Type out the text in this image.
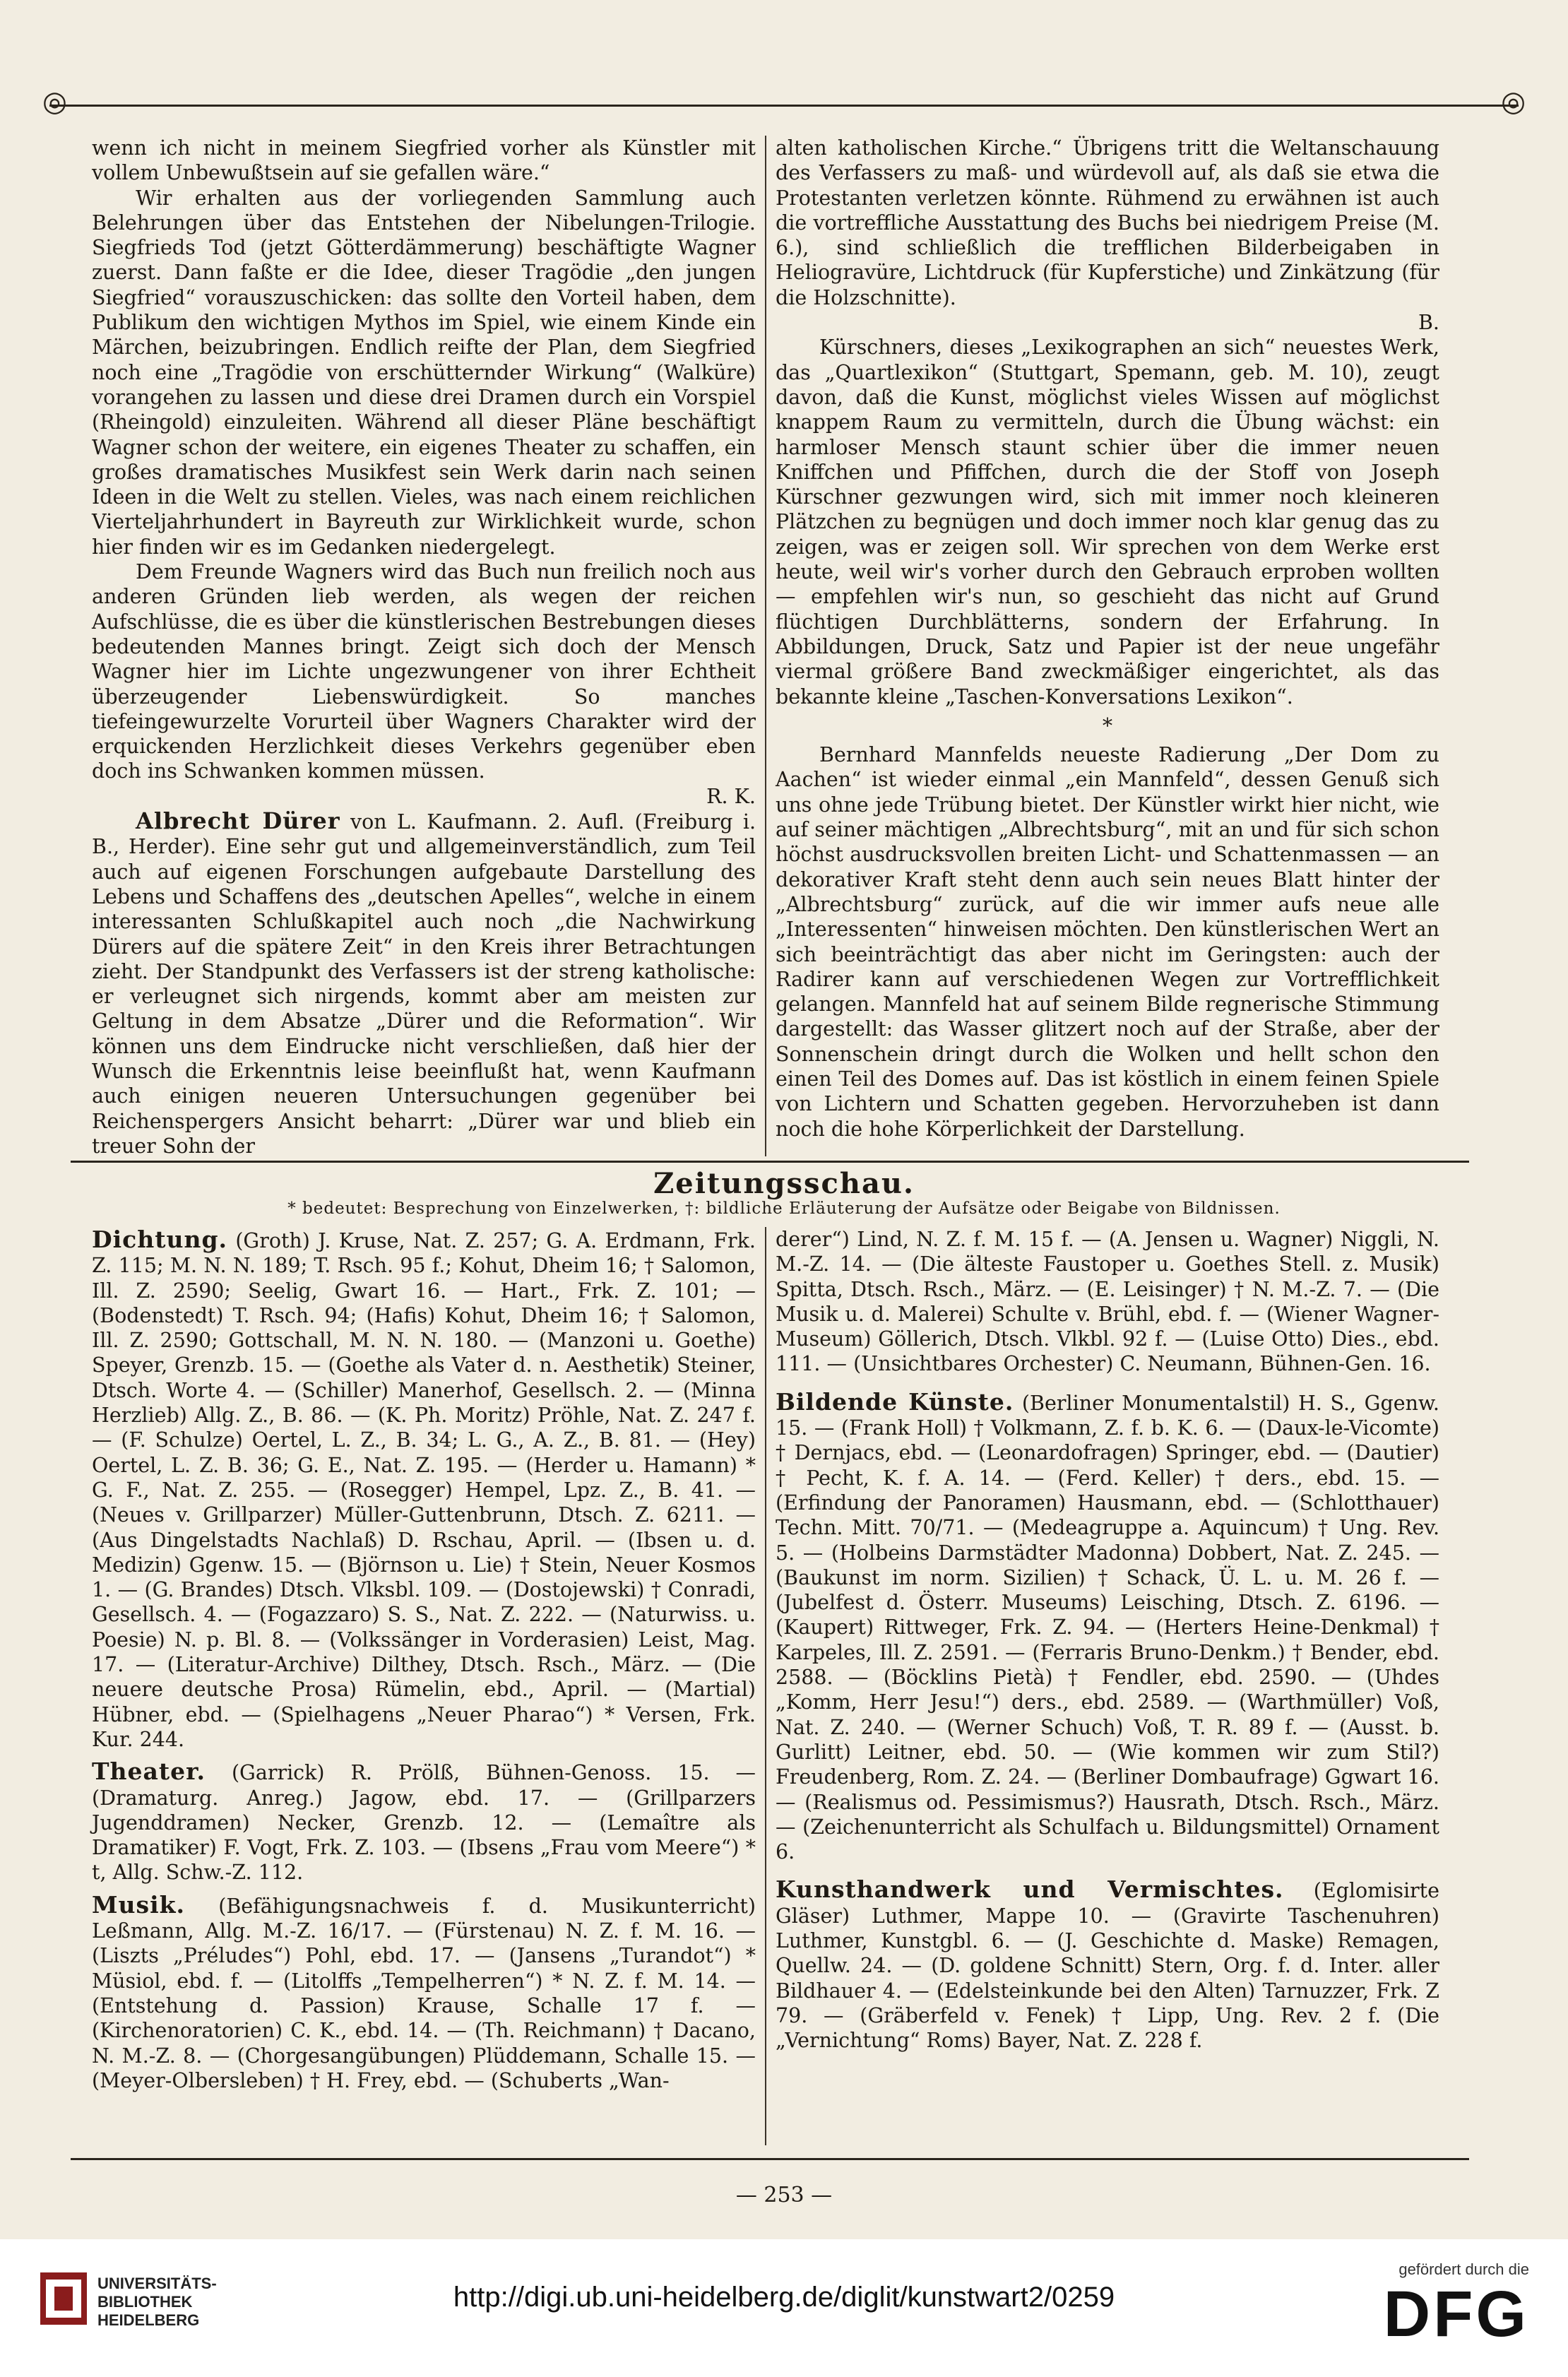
◎	◎

wenn ich nicht in meinem Siegfried vorher als Künstler mit vollem Unbewußtsein auf sie gefallen wäre.“

Wir erhalten aus der vorliegenden Sammlung auch Belehrungen über das Entstehen der Nibelungen-Trilogie. Siegfrieds Tod (jetzt Götterdämmerung) beschäftigte Wagner zuerst. Dann faßte er die Idee, dieser Tragödie „den jungen Siegfried“ vorauszuschicken: das sollte den Vorteil haben, dem Publikum den wichtigen Mythos im Spiel, wie einem Kinde ein Märchen, beizubringen. Endlich reifte der Plan, dem Siegfried noch eine „Tragödie von erschütternder Wirkung“ (Walküre) vorangehen zu lassen und diese drei Dramen durch ein Vorspiel (Rheingold) einzuleiten. Während all dieser Pläne beschäftigt Wagner schon der weitere, ein eigenes Theater zu schaffen, ein großes dramatisches Musikfest sein Werk darin nach seinen Ideen in die Welt zu stellen. Vieles, was nach einem reichlichen Vierteljahrhundert in Bayreuth zur Wirklichkeit wurde, schon hier finden wir es im Gedanken niedergelegt.

Dem Freunde Wagners wird das Buch nun freilich noch aus anderen Gründen lieb werden, als wegen der reichen Aufschlüsse, die es über die künstlerischen Bestrebungen dieses bedeutenden Mannes bringt. Zeigt sich doch der Mensch Wagner hier im Lichte ungezwungener von ihrer Echtheit überzeugender Liebenswürdigkeit. So manches tiefeingewurzelte Vorurteil über Wagners Charakter wird der erquickenden Herzlichkeit dieses Verkehrs gegenüber eben doch ins Schwanken kommen müssen.

R. K.

Albrecht Dürer von L. Kaufmann. 2. Aufl. (Freiburg i. B., Herder). Eine sehr gut und allgemeinverständlich, zum Teil auch auf eigenen Forschungen aufgebaute Darstellung des Lebens und Schaffens des „deutschen Apelles“, welche in einem interessanten Schlußkapitel auch noch „die Nachwirkung Dürers auf die spätere Zeit“ in den Kreis ihrer Betrachtungen zieht. Der Standpunkt des Verfassers ist der streng katholische: er verleugnet sich nirgends, kommt aber am meisten zur Geltung in dem Absatze „Dürer und die Reformation“. Wir können uns dem Eindrucke nicht verschließen, daß hier der Wunsch die Erkenntnis leise beeinflußt hat, wenn Kaufmann auch einigen neueren Untersuchungen gegenüber bei Reichenspergers Ansicht beharrt: „Dürer war und blieb ein treuer Sohn der

alten katholischen Kirche.“ Übrigens tritt die Weltanschauung des Verfassers zu maß- und würdevoll auf, als daß sie etwa die Protestanten verletzen könnte. Rühmend zu erwähnen ist auch die vortreffliche Ausstattung des Buchs bei niedrigem Preise (M. 6.), sind schließlich die trefflichen Bilderbeigaben in Heliogravüre, Lichtdruck (für Kupferstiche) und Zinkätzung (für die Holzschnitte).

B.

Kürschners, dieses „Lexikographen an sich“ neuestes Werk, das „Quartlexikon“ (Stuttgart, Spemann, geb. M. 10), zeugt davon, daß die Kunst, möglichst vieles Wissen auf möglichst knappem Raum zu vermitteln, durch die Übung wächst: ein harmloser Mensch staunt schier über die immer neuen Kniffchen und Pfiffchen, durch die der Stoff von Joseph Kürschner gezwungen wird, sich mit immer noch kleineren Plätzchen zu begnügen und doch immer noch klar genug das zu zeigen, was er zeigen soll. Wir sprechen von dem Werke erst heute, weil wir's vorher durch den Gebrauch erproben wollten — empfehlen wir's nun, so geschieht das nicht auf Grund flüchtigen Durchblätterns, sondern der Erfahrung. In Abbildungen, Druck, Satz und Papier ist der neue ungefähr viermal größere Band zweckmäßiger eingerichtet, als das bekannte kleine „Taschen-Konversations Lexikon“.

*

Bernhard Mannfelds neueste Radierung „Der Dom zu Aachen“ ist wieder einmal „ein Mannfeld“, dessen Genuß sich uns ohne jede Trübung bietet. Der Künstler wirkt hier nicht, wie auf seiner mächtigen „Albrechtsburg“, mit an und für sich schon höchst ausdrucksvollen breiten Licht- und Schattenmassen — an dekorativer Kraft steht denn auch sein neues Blatt hinter der „Albrechtsburg“ zurück, auf die wir immer aufs neue alle „Interessenten“ hinweisen möchten. Den künstlerischen Wert an sich beeinträchtigt das aber nicht im Geringsten: auch der Radirer kann auf verschiedenen Wegen zur Vortrefflichkeit gelangen. Mannfeld hat auf seinem Bilde regnerische Stimmung dargestellt: das Wasser glitzert noch auf der Straße, aber der Sonnenschein dringt durch die Wolken und hellt schon den einen Teil des Domes auf. Das ist köstlich in einem feinen Spiele von Lichtern und Schatten gegeben. Hervorzuheben ist dann noch die hohe Körperlichkeit der Darstellung.

Zeitungsschau.
* bedeutet: Besprechung von Einzelwerken, †: bildliche Erläuterung der Aufsätze oder Beigabe von Bildnissen.

Dichtung. (Groth) J. Kruse, Nat. Z. 257; G. A. Erdmann, Frk. Z. 115; M. N. N. 189; T. Rsch. 95 f.; Kohut, Dheim 16; † Salomon, Ill. Z. 2590; Seelig, Gwart 16. — Hart., Frk. Z. 101; —(Bodenstedt) T. Rsch. 94; (Hafis) Kohut, Dheim 16; † Salomon, Ill. Z. 2590; Gottschall, M. N. N. 180. — (Manzoni u. Goethe) Speyer, Grenzb. 15. — (Goethe als Vater d. n. Aesthetik) Steiner, Dtsch. Worte 4. — (Schiller) Manerhof, Gesellsch. 2. — (Minna Herzlieb) Allg. Z., B. 86. — (K. Ph. Moritz) Pröhle, Nat. Z. 247 f. — (F. Schulze) Oertel, L. Z., B. 34; L. G., A. Z., B. 81. — (Hey) Oertel, L. Z. B. 36; G. E., Nat. Z. 195. — (Herder u. Hamann) * G. F., Nat. Z. 255. — (Rosegger) Hempel, Lpz. Z., B. 41. — (Neues v. Grillparzer) Müller-Guttenbrunn, Dtsch. Z. 6211. — (Aus Dingelstadts Nachlaß) D. Rschau, April. — (Ibsen u. d. Medizin) Ggenw. 15. — (Björnson u. Lie) † Stein, Neuer Kosmos 1. — (G. Brandes) Dtsch. Vlksbl. 109. — (Dostojewski) † Conradi, Gesellsch. 4. — (Fogazzaro) S. S., Nat. Z. 222. — (Naturwiss. u. Poesie) N. p. Bl. 8. — (Volkssänger in Vorderasien) Leist, Mag. 17. — (Literatur-Archive) Dilthey, Dtsch. Rsch., März. — (Die neuere deutsche Prosa) Rümelin, ebd., April. — (Martial) Hübner, ebd. — (Spielhagens „Neuer Pharao“) * Versen, Frk. Kur. 244.

Theater. (Garrick) R. Prölß, Bühnen-Genoss. 15. — (Dramaturg. Anreg.) Jagow, ebd. 17. — (Grillparzers Jugenddramen) Necker, Grenzb. 12. — (Lemaître als Dramatiker) F. Vogt, Frk. Z. 103. — (Ibsens „Frau vom Meere“) * t, Allg. Schw.-Z. 112.

Musik. (Befähigungsnachweis f. d. Musikunterricht) Leßmann, Allg. M.-Z. 16/17. — (Fürstenau) N. Z. f. M. 16. — (Liszts „Préludes“) Pohl, ebd. 17. — (Jansens „Turandot“) * Müsiol, ebd. f. — (Litolffs „Tempelherren“) * N. Z. f. M. 14. — (Entstehung d. Passion) Krause, Schalle 17 f. — (Kirchenoratorien) C. K., ebd. 14. — (Th. Reichmann) † Dacano, N. M.-Z. 8. — (Chorgesangübungen) Plüddemann, Schalle 15. — (Meyer-Olbersleben) † H. Frey, ebd. — (Schuberts „Wan-

derer“) Lind, N. Z. f. M. 15 f. — (A. Jensen u. Wagner) Niggli, N. M.-Z. 14. — (Die älteste Faustoper u. Goethes Stell. z. Musik) Spitta, Dtsch. Rsch., März. — (E. Leisinger) † N. M.-Z. 7. — (Die Musik u. d. Malerei) Schulte v. Brühl, ebd. f. — (Wiener Wagner-Museum) Göllerich, Dtsch. Vlkbl. 92 f. — (Luise Otto) Dies., ebd. 111. — (Unsichtbares Orchester) C. Neumann, Bühnen-Gen. 16.

Bildende Künste. (Berliner Monumentalstil) H. S., Ggenw. 15. — (Frank Holl) † Volkmann, Z. f. b. K. 6. — (Daux-le-Vicomte) † Dernjacs, ebd. — (Leonardofragen) Springer, ebd. — (Dautier) † Pecht, K. f. A. 14. — (Ferd. Keller) † ders., ebd. 15. — (Erfindung der Panoramen) Hausmann, ebd. — (Schlotthauer) Techn. Mitt. 70/71. — (Medeagruppe a. Aquincum) † Ung. Rev. 5. — (Holbeins Darmstädter Madonna) Dobbert, Nat. Z. 245. — (Baukunst im norm. Sizilien) † Schack, Ü. L. u. M. 26 f. — (Jubelfest d. Österr. Museums) Leisching, Dtsch. Z. 6196. — (Kaupert) Rittweger, Frk. Z. 94. — (Herters Heine-Denkmal) † Karpeles, Ill. Z. 2591. — (Ferraris Bruno-Denkm.) † Bender, ebd. 2588. — (Böcklins Pietà) † Fendler, ebd. 2590. — (Uhdes „Komm, Herr Jesu!“) ders., ebd. 2589. — (Warthmüller) Voß, Nat. Z. 240. — (Werner Schuch) Voß, T. R. 89 f. — (Ausst. b. Gurlitt) Leitner, ebd. 50. — (Wie kommen wir zum Stil?) Freudenberg, Rom. Z. 24. — (Berliner Dombaufrage) Ggwart 16. — (Realismus od. Pessimismus?) Hausrath, Dtsch. Rsch., März. — (Zeichenunterricht als Schulfach u. Bildungsmittel) Ornament 6.

Kunsthandwerk und Vermischtes. (Eglomisirte Gläser) Luthmer, Mappe 10. — (Gravirte Taschenuhren) Luthmer, Kunstgbl. 6. — (J. Geschichte d. Maske) Remagen, Quellw. 24. — (D. goldene Schnitt) Stern, Org. f. d. Inter. aller Bildhauer 4. — (Edelsteinkunde bei den Alten) Tarnuzzer, Frk. Z 79. — (Gräberfeld v. Fenek) † Lipp, Ung. Rev. 2 f. (Die „Vernichtung“ Roms) Bayer, Nat. Z. 228 f.

— 253 —
UNIVERSITÄTS-
BIBLIOTHEK
HEIDELBERG
http://digi.ub.uni-heidelberg.de/diglit/kunstwart2/0259
gefördert durch die
DFG
